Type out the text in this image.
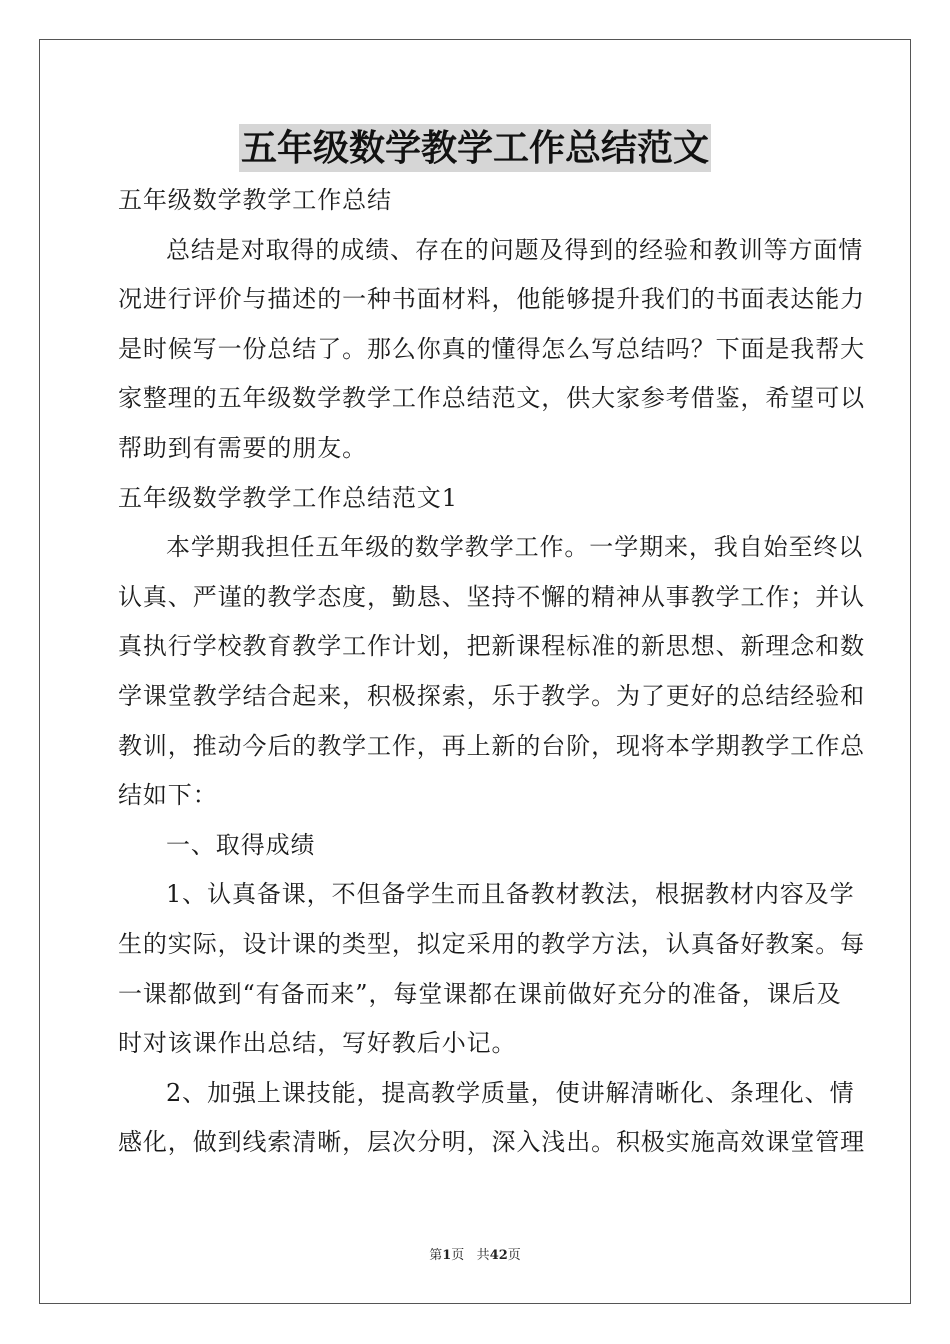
五年级数学教学工作总结范文

五年级数学教学工作总结

总结是对取得的成绩、存在的问题及得到的经验和教训等方面情

况进行评价与描述的一种书面材料，他能够提升我们的书面表达能力

是时候写一份总结了。那么你真的懂得怎么写总结吗？下面是我帮大

家整理的五年级数学教学工作总结范文，供大家参考借鉴，希望可以

帮助到有需要的朋友。

五年级数学教学工作总结范文1

本学期我担任五年级的数学教学工作。一学期来，我自始至终以

认真、严谨的教学态度，勤恳、坚持不懈的精神从事教学工作；并认

真执行学校教育教学工作计划，把新课程标准的新思想、新理念和数

学课堂教学结合起来，积极探索，乐于教学。为了更好的总结经验和

教训，推动今后的教学工作，再上新的台阶，现将本学期教学工作总

结如下：

一、取得成绩

1、认真备课，不但备学生而且备教材教法，根据教材内容及学

生的实际，设计课的类型，拟定采用的教学方法，认真备好教案。每

一课都做到“有备而来”，每堂课都在课前做好充分的准备，课后及

时对该课作出总结，写好教后小记。

2、加强上课技能，提高教学质量，使讲解清晰化、条理化、情

感化，做到线索清晰，层次分明，深入浅出。积极实施高效课堂管理

第1页 共42页
